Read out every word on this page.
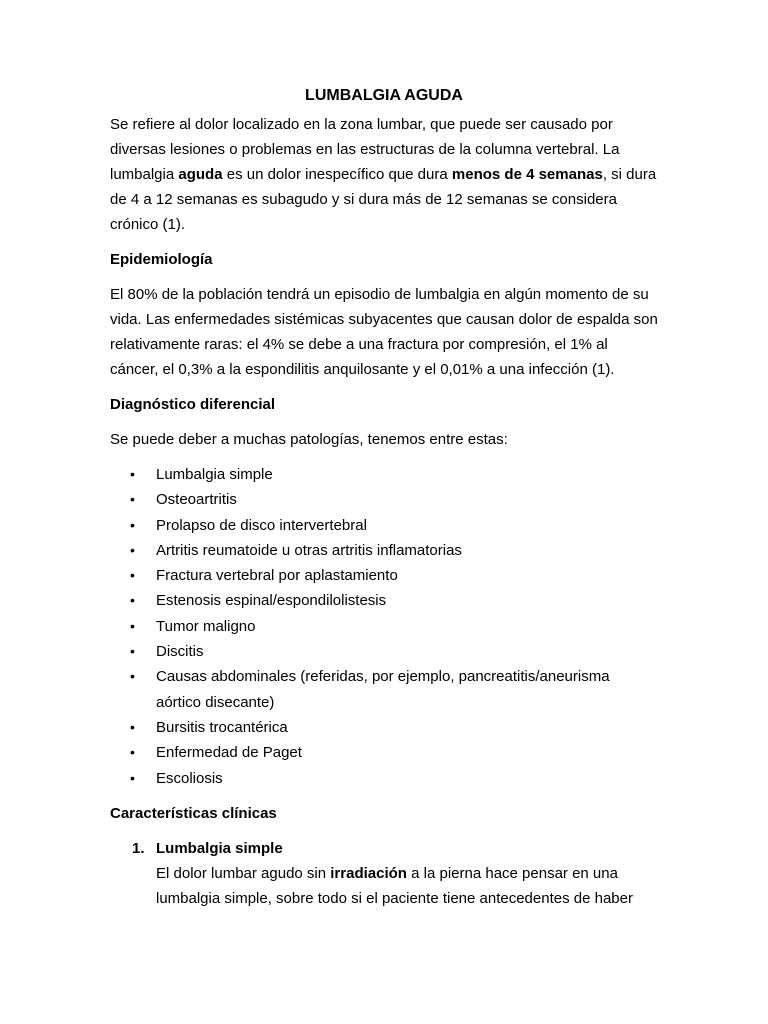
LUMBALGIA AGUDA

Se refiere al dolor localizado en la zona lumbar, que puede ser causado por diversas lesiones o problemas en las estructuras de la columna vertebral. La lumbalgia aguda es un dolor inespecífico que dura menos de 4 semanas, si dura de 4 a 12 semanas es subagudo y si dura más de 12 semanas se considera crónico (1).

Epidemiología

El 80% de la población tendrá un episodio de lumbalgia en algún momento de su vida. Las enfermedades sistémicas subyacentes que causan dolor de espalda son relativamente raras: el 4% se debe a una fractura por compresión, el 1% al cáncer, el 0,3% a la espondilitis anquilosante y el 0,01% a una infección (1).

Diagnóstico diferencial

Se puede deber a muchas patologías, tenemos entre estas:

• Lumbalgia simple
• Osteoartritis
• Prolapso de disco intervertebral
• Artritis reumatoide u otras artritis inflamatorias
• Fractura vertebral por aplastamiento
• Estenosis espinal/espondilolistesis
• Tumor maligno
• Discitis
• Causas abdominales (referidas, por ejemplo, pancreatitis/aneurisma aórtico disecante)
• Bursitis trocantérica
• Enfermedad de Paget
• Escoliosis
Características clínicas
1. Lumbalgia simple
El dolor lumbar agudo sin irradiación a la pierna hace pensar en una lumbalgia simple, sobre todo si el paciente tiene antecedentes de haber
